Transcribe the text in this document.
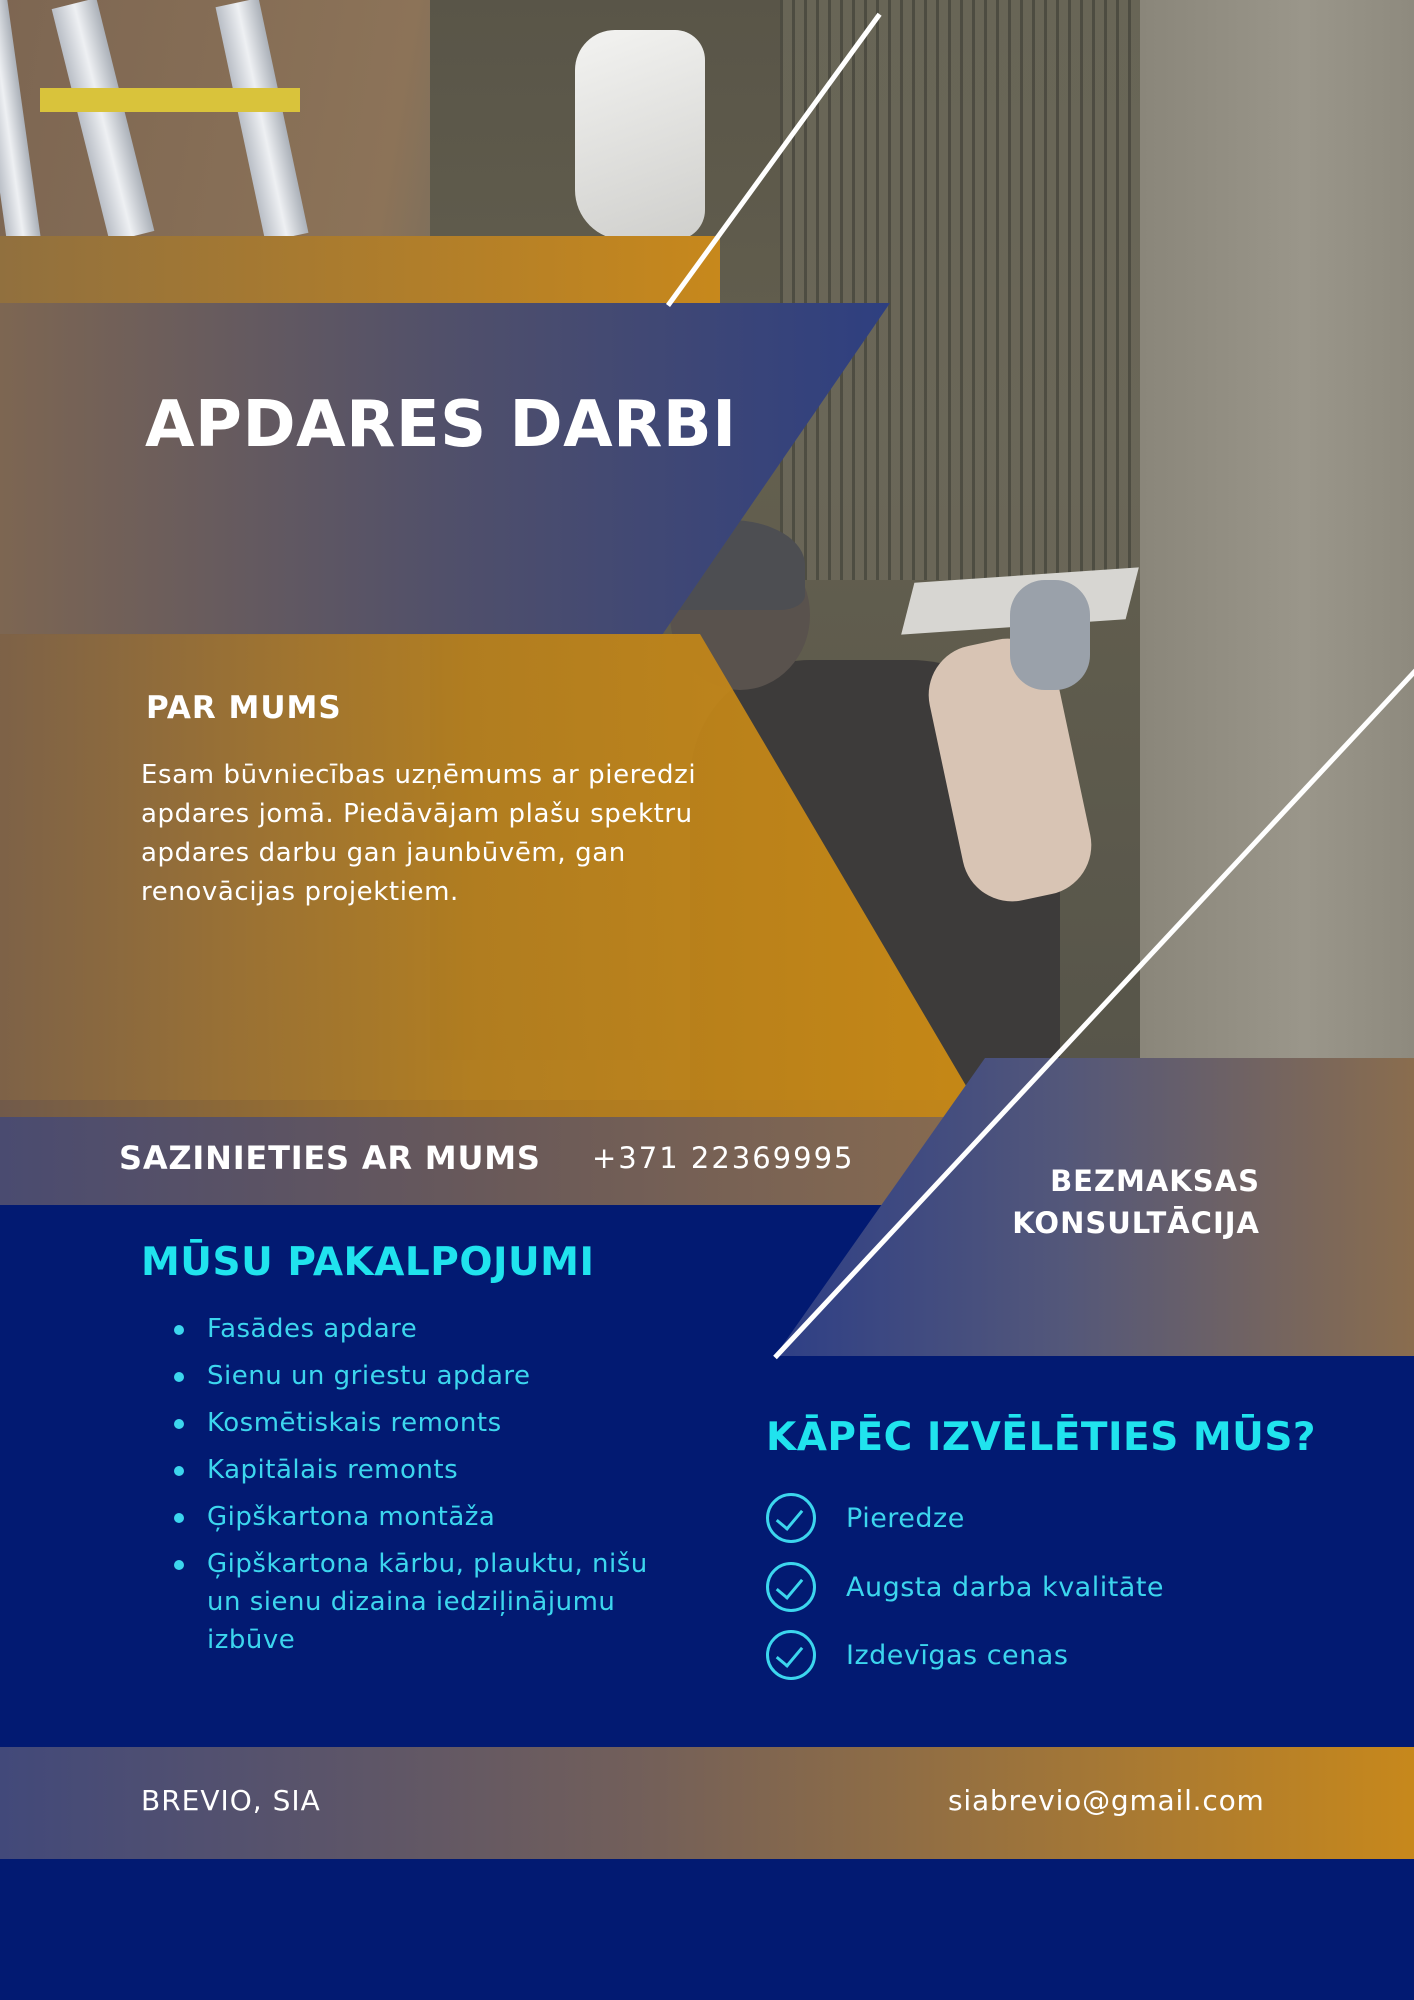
APDARES DARBI
PAR MUMS
Esam būvniecības uzņēmums ar pieredzi apdares jomā. Piedāvājam plašu spektru apdares darbu gan jaunbūvēm, gan renovācijas projektiem.
SAZINIETIES AR MUMS +371 22369995
BEZMAKSAS
KONSULTĀCIJA
MŪSU PAKALPOJUMI
Fasādes apdare
Sienu un griestu apdare
Kosmētiskais remonts
Kapitālais remonts
Ģipškartona montāža
Ģipškartona kārbu, plauktu, nišu un sienu dizaina iedziļinājumu izbūve
KĀPĒC IZVĒLĒTIES MŪS?
Pieredze
Augsta darba kvalitāte
Izdevīgas cenas
BREVIO, SIA	siabrevio@gmail.com
